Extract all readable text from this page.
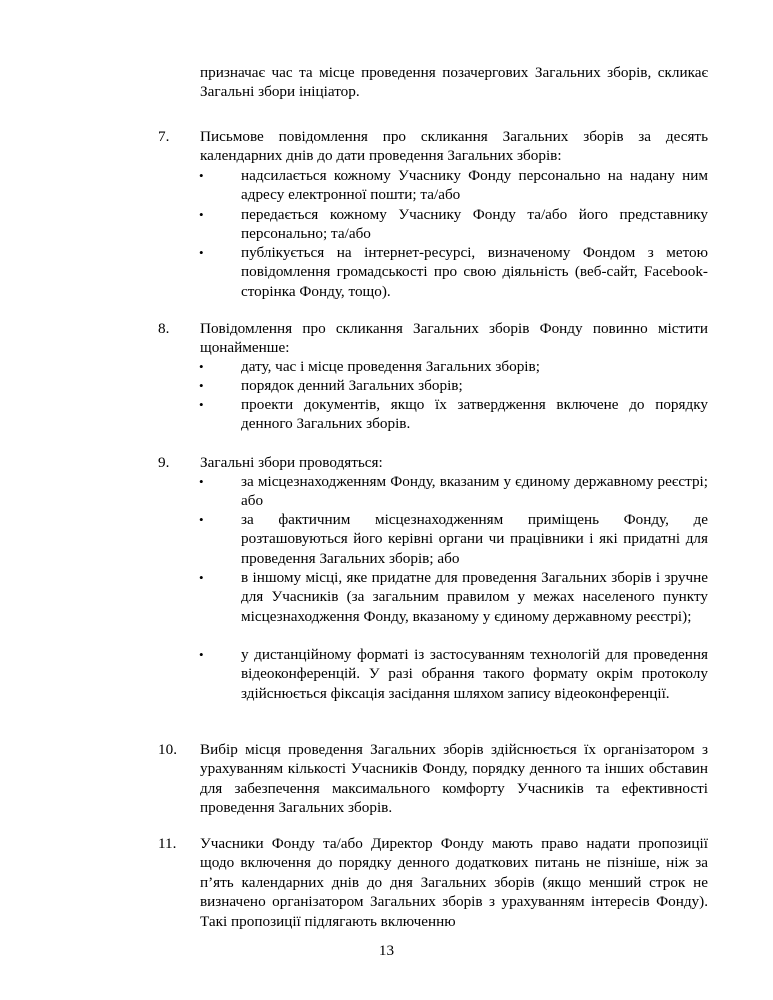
призначає час та місце проведення позачергових Загальних зборів, скликає Загальні збори ініціатор.

7. Письмове повідомлення про скликання Загальних зборів за десять календарних днів до дати проведення Загальних зборів:

• надсилається кожному Учаснику Фонду персонально на надану ним адресу електронної пошти; та/або

• передається кожному Учаснику Фонду та/або його представнику персонально; та/або

• публікується на інтернет-ресурсі, визначеному Фондом з метою повідомлення громадськості про свою діяльність (веб-сайт, Facebook-сторінка Фонду, тощо).

8. Повідомлення про скликання Загальних зборів Фонду повинно містити щонайменше:

• дату, час і місце проведення Загальних зборів;

• порядок денний Загальних зборів;

• проекти документів, якщо їх затвердження включене до порядку денного Загальних зборів.

9. Загальні збори проводяться:

• за місцезнаходженням Фонду, вказаним у єдиному державному реєстрі; або

• за фактичним місцезнаходженням приміщень Фонду, де розташовуються його керівні органи чи працівники і які придатні для проведення Загальних зборів; або

• в іншому місці, яке придатне для проведення Загальних зборів і зручне для Учасників (за загальним правилом у межах населеного пункту місцезнаходження Фонду, вказаному у єдиному державному реєстрі);

• у дистанційному форматі із застосуванням технологій для проведення відеоконференцій. У разі обрання такого формату окрім протоколу здійснюється фіксація засідання шляхом запису відеоконференції.

10. Вибір місця проведення Загальних зборів здійснюється їх організатором з урахуванням кількості Учасників Фонду, порядку денного та інших обставин для забезпечення максимального комфорту Учасників та ефективності проведення Загальних зборів.

11. Учасники Фонду та/або Директор Фонду мають право надати пропозиції щодо включення до порядку денного додаткових питань не пізніше, ніж за п’ять календарних днів до дня Загальних зборів (якщо менший строк не визначено організатором Загальних зборів з урахуванням інтересів Фонду). Такі пропозиції підлягають включенню

13
